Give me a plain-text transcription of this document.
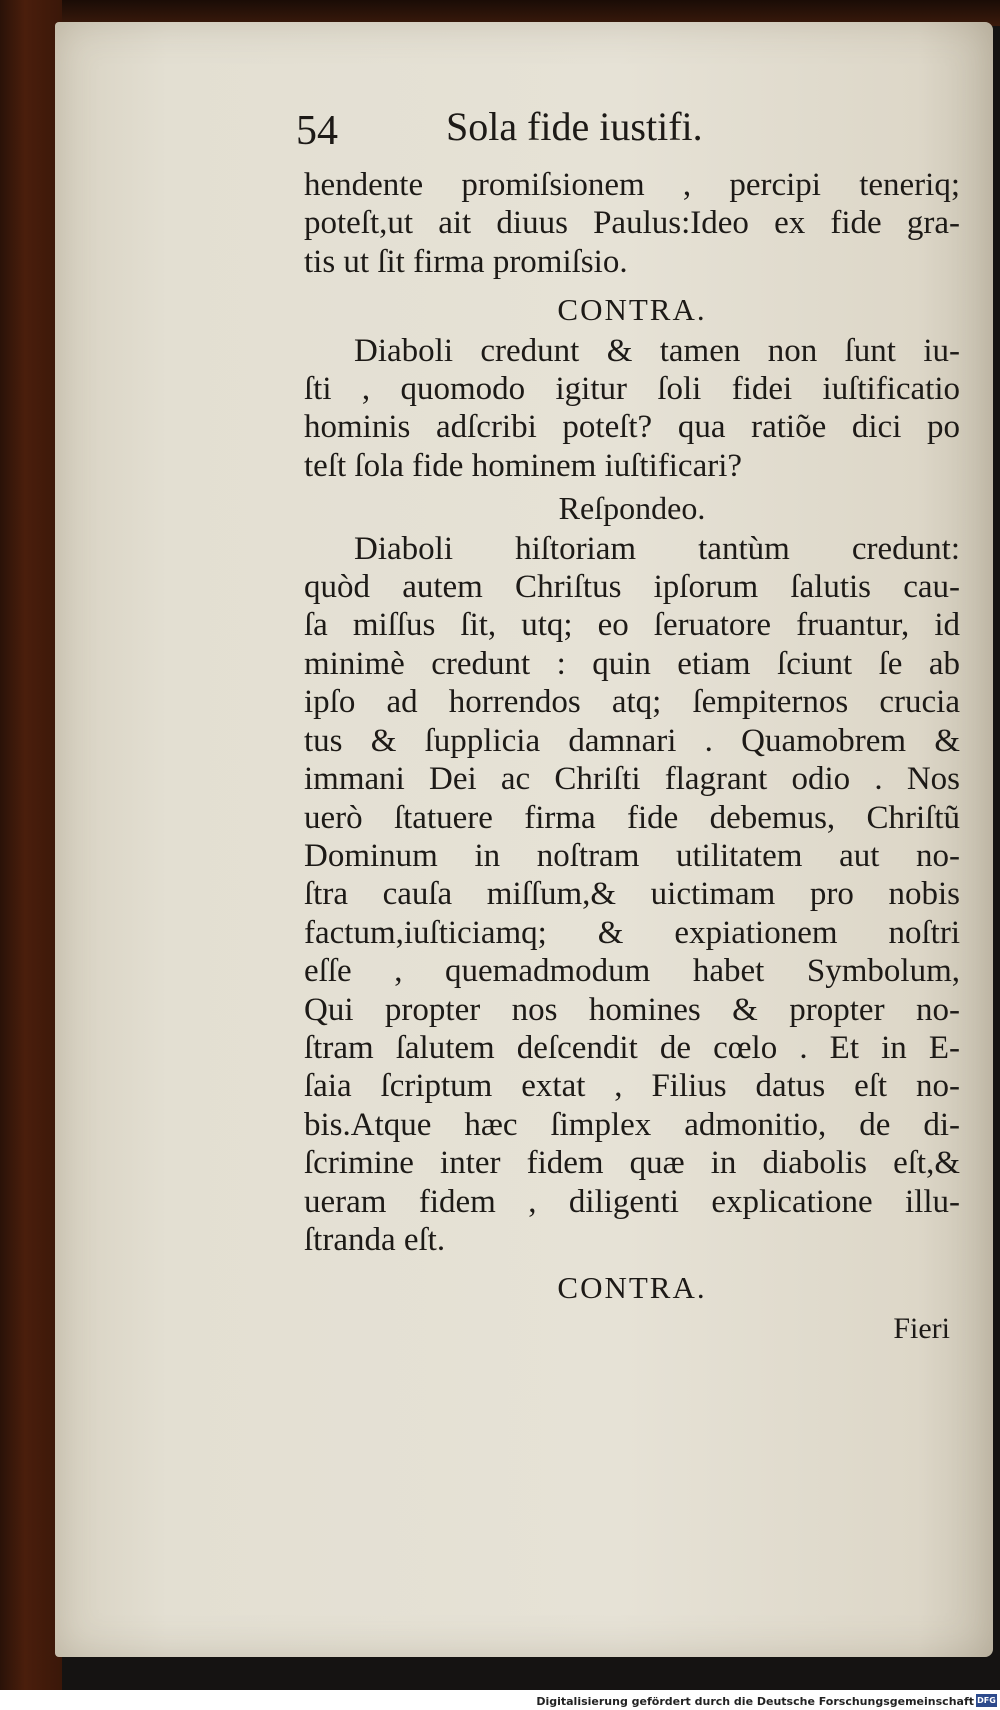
54	Sola fide iustifi.
hendente promiſsionem , percipi teneriq;
poteſt,ut ait diuus Paulus:Ideo ex fide gra-
tis ut ſit firma promiſsio.
CONTRA.
Diaboli credunt & tamen non ſunt iu-
ſti , quomodo igitur ſoli fidei iuſtificatio
hominis adſcribi poteſt? qua ratiõe dici po
teſt ſola fide hominem iuſtificari?
Reſpondeo.
Diaboli hiſtoriam tantùm credunt:
quòd autem Chriſtus ipſorum ſalutis cau-
ſa miſſus ſit, utq; eo ſeruatore fruantur, id
minimè credunt : quin etiam ſciunt ſe ab
ipſo ad horrendos atq; ſempiternos crucia
tus & ſupplicia damnari . Quamobrem &
immani Dei ac Chriſti flagrant odio . Nos
uerò ſtatuere firma fide debemus, Chriſtũ
Dominum in noſtram utilitatem aut no-
ſtra cauſa miſſum,& uictimam pro nobis
factum,iuſticiamq; & expiationem noſtri
eſſe , quemadmodum habet Symbolum,
Qui propter nos homines & propter no-
ſtram ſalutem deſcendit de cœlo . Et in E-
ſaia ſcriptum extat , Filius datus eſt no-
bis.Atque hæc ſimplex admonitio, de di-
ſcrimine inter fidem quæ in diabolis eſt,&
ueram fidem , diligenti explicatione illu-
ſtranda eſt.
CONTRA.
Fieri
Digitalisierung gefördert durch die Deutsche Forschungsgemeinschaft DFG
